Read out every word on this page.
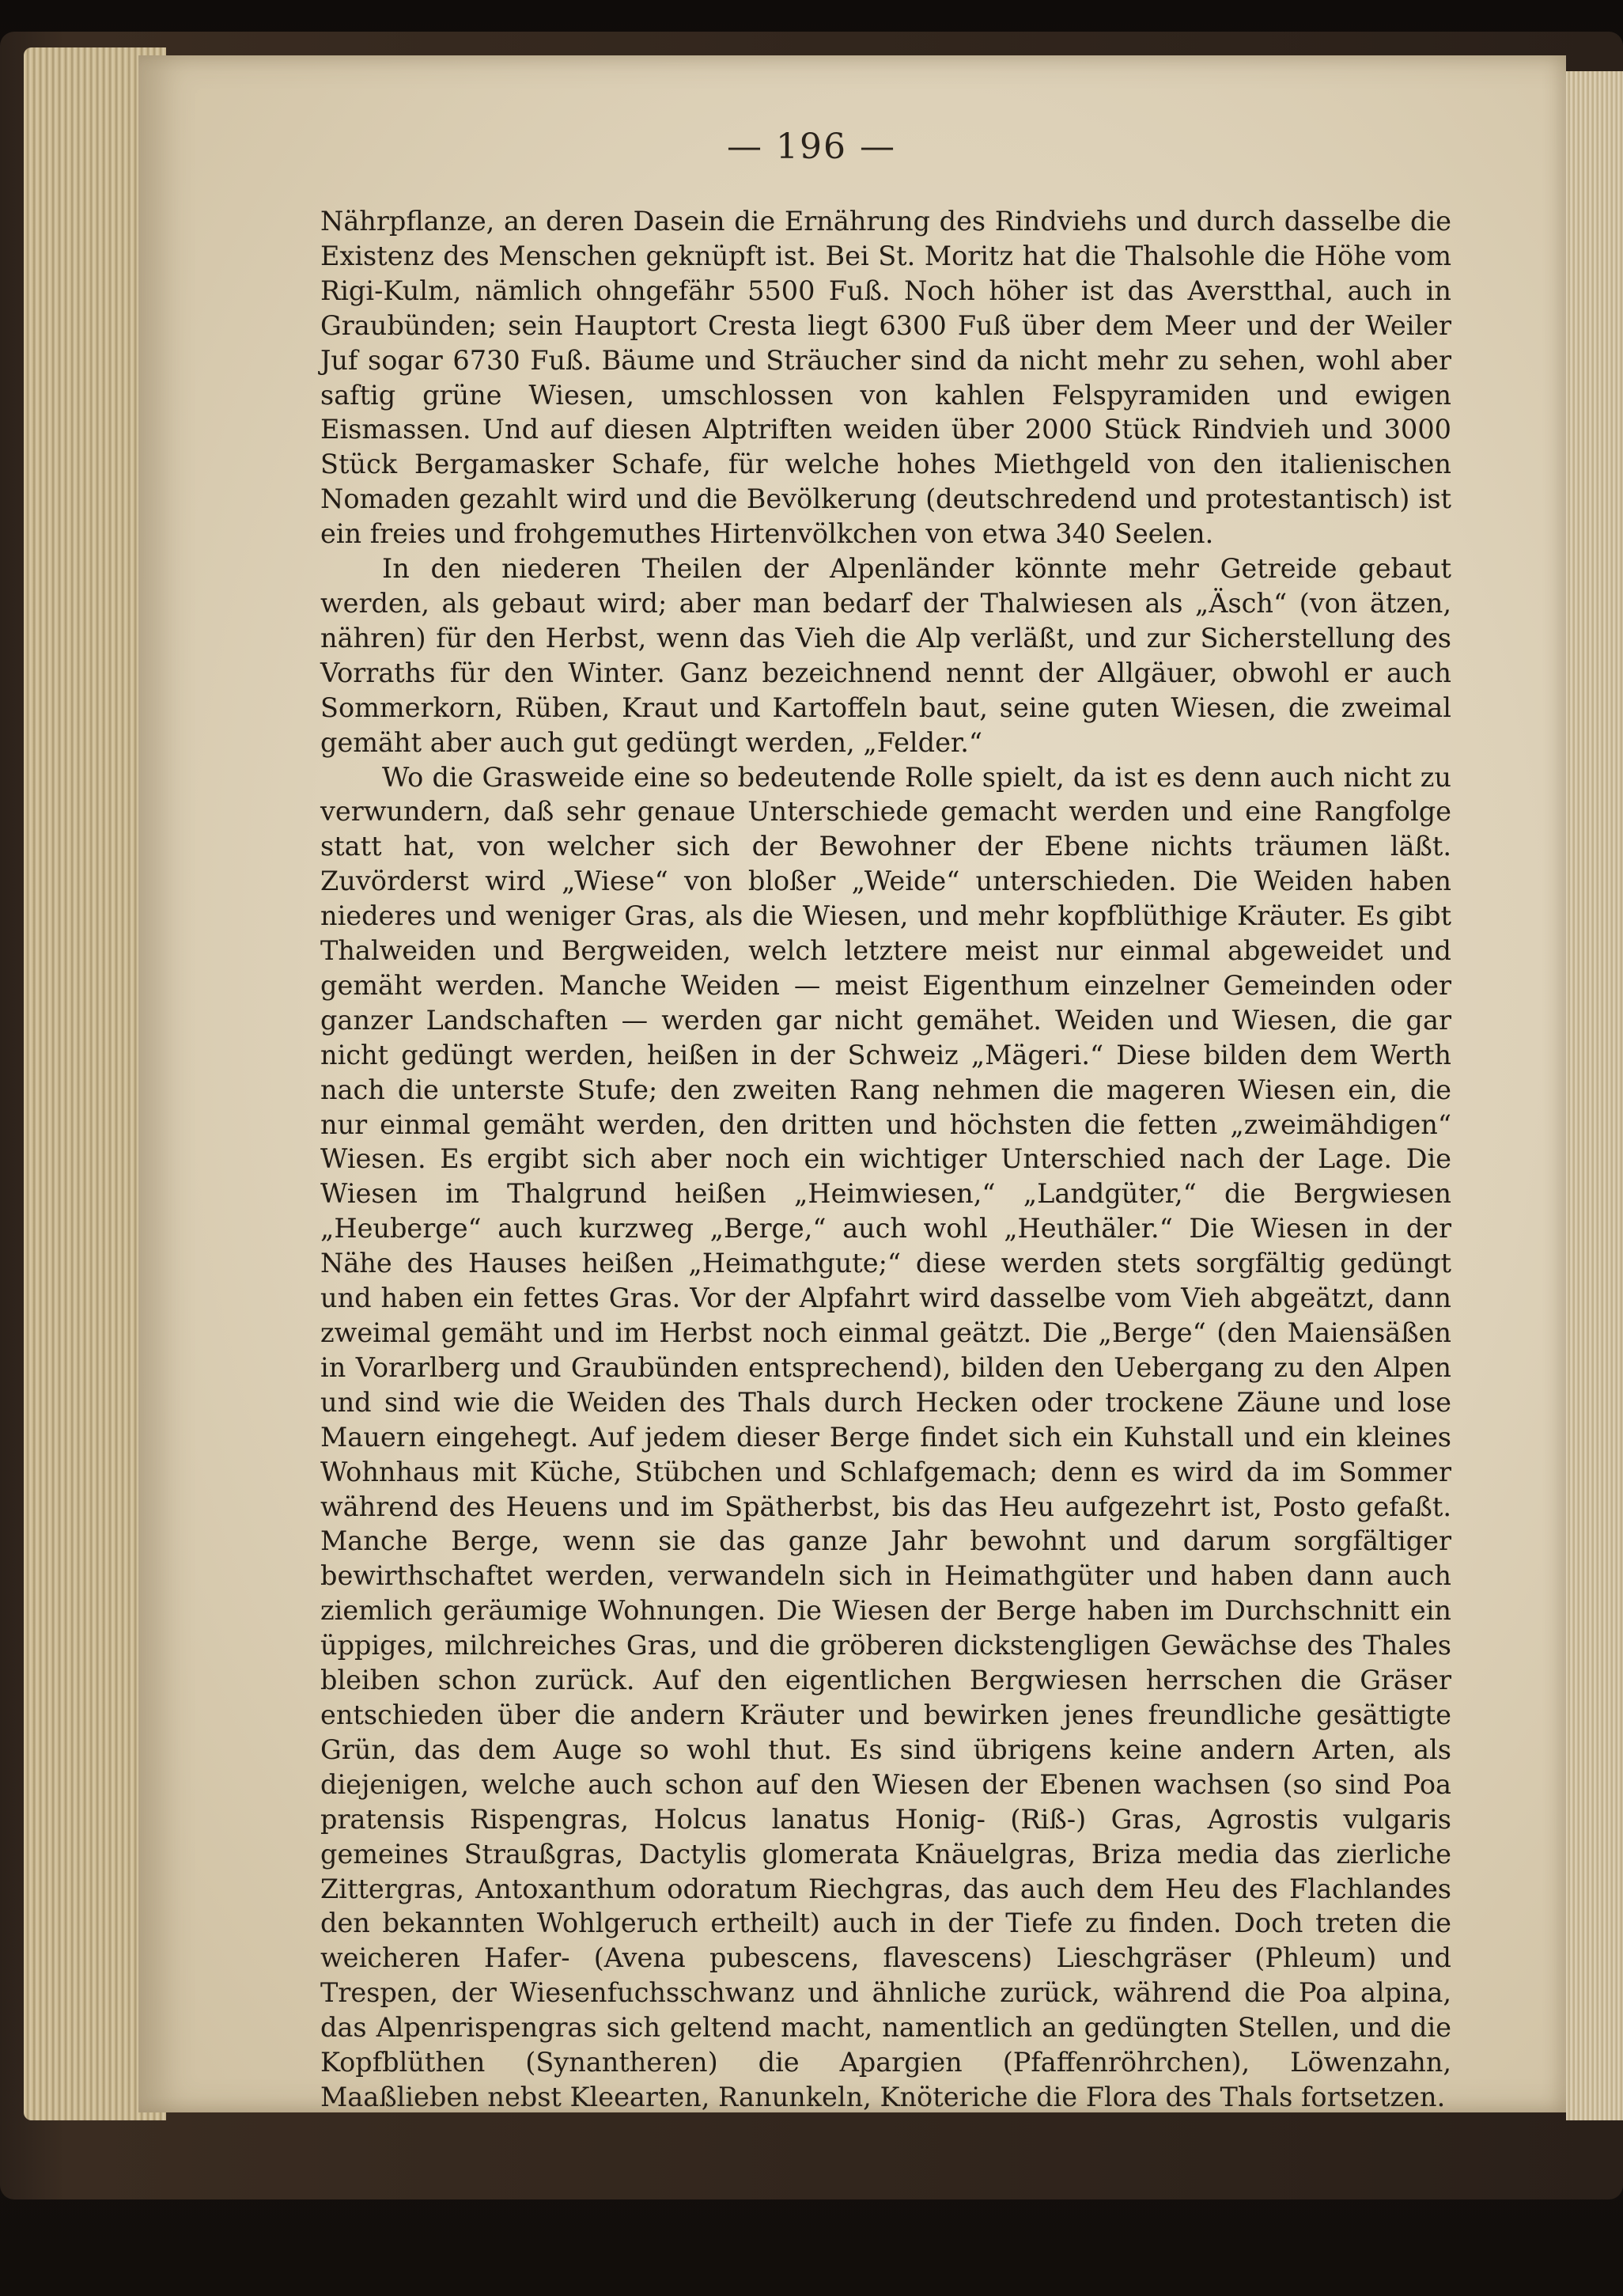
— 196 —

Nährpflanze, an deren Dasein die Ernährung des Rindviehs und durch dasselbe die Existenz des Menschen geknüpft ist. Bei St. Moritz hat die Thalsohle die Höhe vom Rigi-Kulm, nämlich ohngefähr 5500 Fuß. Noch höher ist das Averstthal, auch in Graubünden; sein Hauptort Cresta liegt 6300 Fuß über dem Meer und der Weiler Juf sogar 6730 Fuß. Bäume und Sträucher sind da nicht mehr zu sehen, wohl aber saftig grüne Wiesen, umschlossen von kahlen Felspyramiden und ewigen Eismassen. Und auf diesen Alptriften weiden über 2000 Stück Rindvieh und 3000 Stück Bergamasker Schafe, für welche hohes Miethgeld von den italienischen Nomaden gezahlt wird und die Bevölkerung (deutschredend und protestantisch) ist ein freies und frohgemuthes Hirtenvölkchen von etwa 340 Seelen.

In den niederen Theilen der Alpenländer könnte mehr Getreide gebaut werden, als gebaut wird; aber man bedarf der Thalwiesen als „Äsch“ (von ätzen, nähren) für den Herbst, wenn das Vieh die Alp verläßt, und zur Sicherstellung des Vorraths für den Winter. Ganz bezeichnend nennt der Allgäuer, obwohl er auch Sommerkorn, Rüben, Kraut und Kartoffeln baut, seine guten Wiesen, die zweimal gemäht aber auch gut gedüngt werden, „Felder.“

Wo die Grasweide eine so bedeutende Rolle spielt, da ist es denn auch nicht zu verwundern, daß sehr genaue Unterschiede gemacht werden und eine Rangfolge statt hat, von welcher sich der Bewohner der Ebene nichts träumen läßt. Zuvörderst wird „Wiese“ von bloßer „Weide“ unterschieden. Die Weiden haben niederes und weniger Gras, als die Wiesen, und mehr kopfblüthige Kräuter. Es gibt Thalweiden und Bergweiden, welch letztere meist nur einmal abgeweidet und gemäht werden. Manche Weiden — meist Eigenthum einzelner Gemeinden oder ganzer Landschaften — werden gar nicht gemähet. Weiden und Wiesen, die gar nicht gedüngt werden, heißen in der Schweiz „Mägeri.“ Diese bilden dem Werth nach die unterste Stufe; den zweiten Rang nehmen die mageren Wiesen ein, die nur einmal gemäht werden, den dritten und höchsten die fetten „zweimähdigen“ Wiesen. Es ergibt sich aber noch ein wichtiger Unterschied nach der Lage. Die Wiesen im Thalgrund heißen „Heimwiesen,“ „Landgüter,“ die Bergwiesen „Heuberge“ auch kurzweg „Berge,“ auch wohl „Heuthäler.“ Die Wiesen in der Nähe des Hauses heißen „Heimathgute;“ diese werden stets sorgfältig gedüngt und haben ein fettes Gras. Vor der Alpfahrt wird dasselbe vom Vieh abgeätzt, dann zweimal gemäht und im Herbst noch einmal geätzt. Die „Berge“ (den Maiensäßen in Vorarlberg und Graubünden entsprechend), bilden den Uebergang zu den Alpen und sind wie die Weiden des Thals durch Hecken oder trockene Zäune und lose Mauern eingehegt. Auf jedem dieser Berge findet sich ein Kuhstall und ein kleines Wohnhaus mit Küche, Stübchen und Schlafgemach; denn es wird da im Sommer während des Heuens und im Spätherbst, bis das Heu aufgezehrt ist, Posto gefaßt. Manche Berge, wenn sie das ganze Jahr bewohnt und darum sorgfältiger bewirthschaftet werden, verwandeln sich in Heimathgüter und haben dann auch ziemlich geräumige Wohnungen. Die Wiesen der Berge haben im Durchschnitt ein üppiges, milchreiches Gras, und die gröberen dickstengligen Gewächse des Thales bleiben schon zurück. Auf den eigentlichen Bergwiesen herrschen die Gräser entschieden über die andern Kräuter und bewirken jenes freundliche gesättigte Grün, das dem Auge so wohl thut. Es sind übrigens keine andern Arten, als diejenigen, welche auch schon auf den Wiesen der Ebenen wachsen (so sind Poa pratensis Rispengras, Holcus lanatus Honig- (Riß-) Gras, Agrostis vulgaris gemeines Straußgras, Dactylis glomerata Knäuelgras, Briza media das zierliche Zittergras, Antoxanthum odoratum Riechgras, das auch dem Heu des Flachlandes den bekannten Wohlgeruch ertheilt) auch in der Tiefe zu finden. Doch treten die weicheren Hafer- (Avena pubescens, flavescens) Lieschgräser (Phleum) und Trespen, der Wiesenfuchsschwanz und ähnliche zurück, während die Poa alpina, das Alpenrispengras sich geltend macht, namentlich an gedüngten Stellen, und die Kopfblüthen (Synantheren) die Apargien (Pfaffenröhrchen), Löwenzahn, Maaßlieben nebst Kleearten, Ranunkeln, Knöteriche die Flora des Thals fortsetzen.
